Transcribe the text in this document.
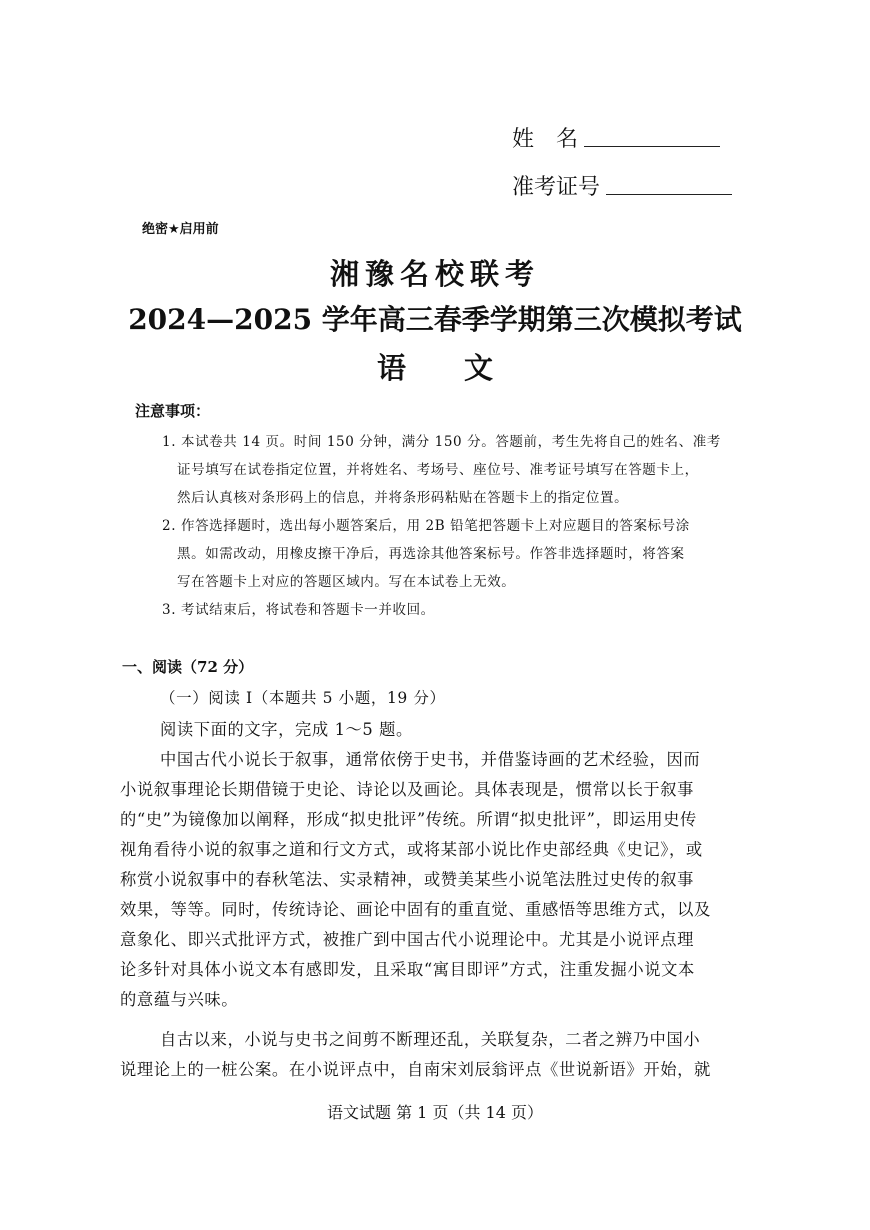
姓　名
准考证号
绝密★启用前
湘豫名校联考
2024—2025 学年高三春季学期第三次模拟考试
语　　文
注意事项：
1. 本试卷共 14 页。时间 150 分钟，满分 150 分。答题前，考生先将自己的姓名、准考
证号填写在试卷指定位置，并将姓名、考场号、座位号、准考证号填写在答题卡上，
然后认真核对条形码上的信息，并将条形码粘贴在答题卡上的指定位置。
2. 作答选择题时，选出每小题答案后，用 2B 铅笔把答题卡上对应题目的答案标号涂
黑。如需改动，用橡皮擦干净后，再选涂其他答案标号。作答非选择题时，将答案
写在答题卡上对应的答题区域内。写在本试卷上无效。
3. 考试结束后，将试卷和答题卡一并收回。
一、阅读（72 分）
（一）阅读 I（本题共 5 小题，19 分）
阅读下面的文字，完成 1～5 题。
中国古代小说长于叙事，通常依傍于史书，并借鉴诗画的艺术经验，因而
小说叙事理论长期借镜于史论、诗论以及画论。具体表现是，惯常以长于叙事
的“史”为镜像加以阐释，形成“拟史批评”传统。所谓“拟史批评”，即运用史传
视角看待小说的叙事之道和行文方式，或将某部小说比作史部经典《史记》，或
称赏小说叙事中的春秋笔法、实录精神，或赞美某些小说笔法胜过史传的叙事
效果，等等。同时，传统诗论、画论中固有的重直觉、重感悟等思维方式，以及
意象化、即兴式批评方式，被推广到中国古代小说理论中。尤其是小说评点理
论多针对具体小说文本有感即发，且采取“寓目即评”方式，注重发掘小说文本
的意蕴与兴味。
自古以来，小说与史书之间剪不断理还乱，关联复杂，二者之辨乃中国小
说理论上的一桩公案。在小说评点中，自南宋刘辰翁评点《世说新语》开始，就
语文试题 第 1 页（共 14 页）
